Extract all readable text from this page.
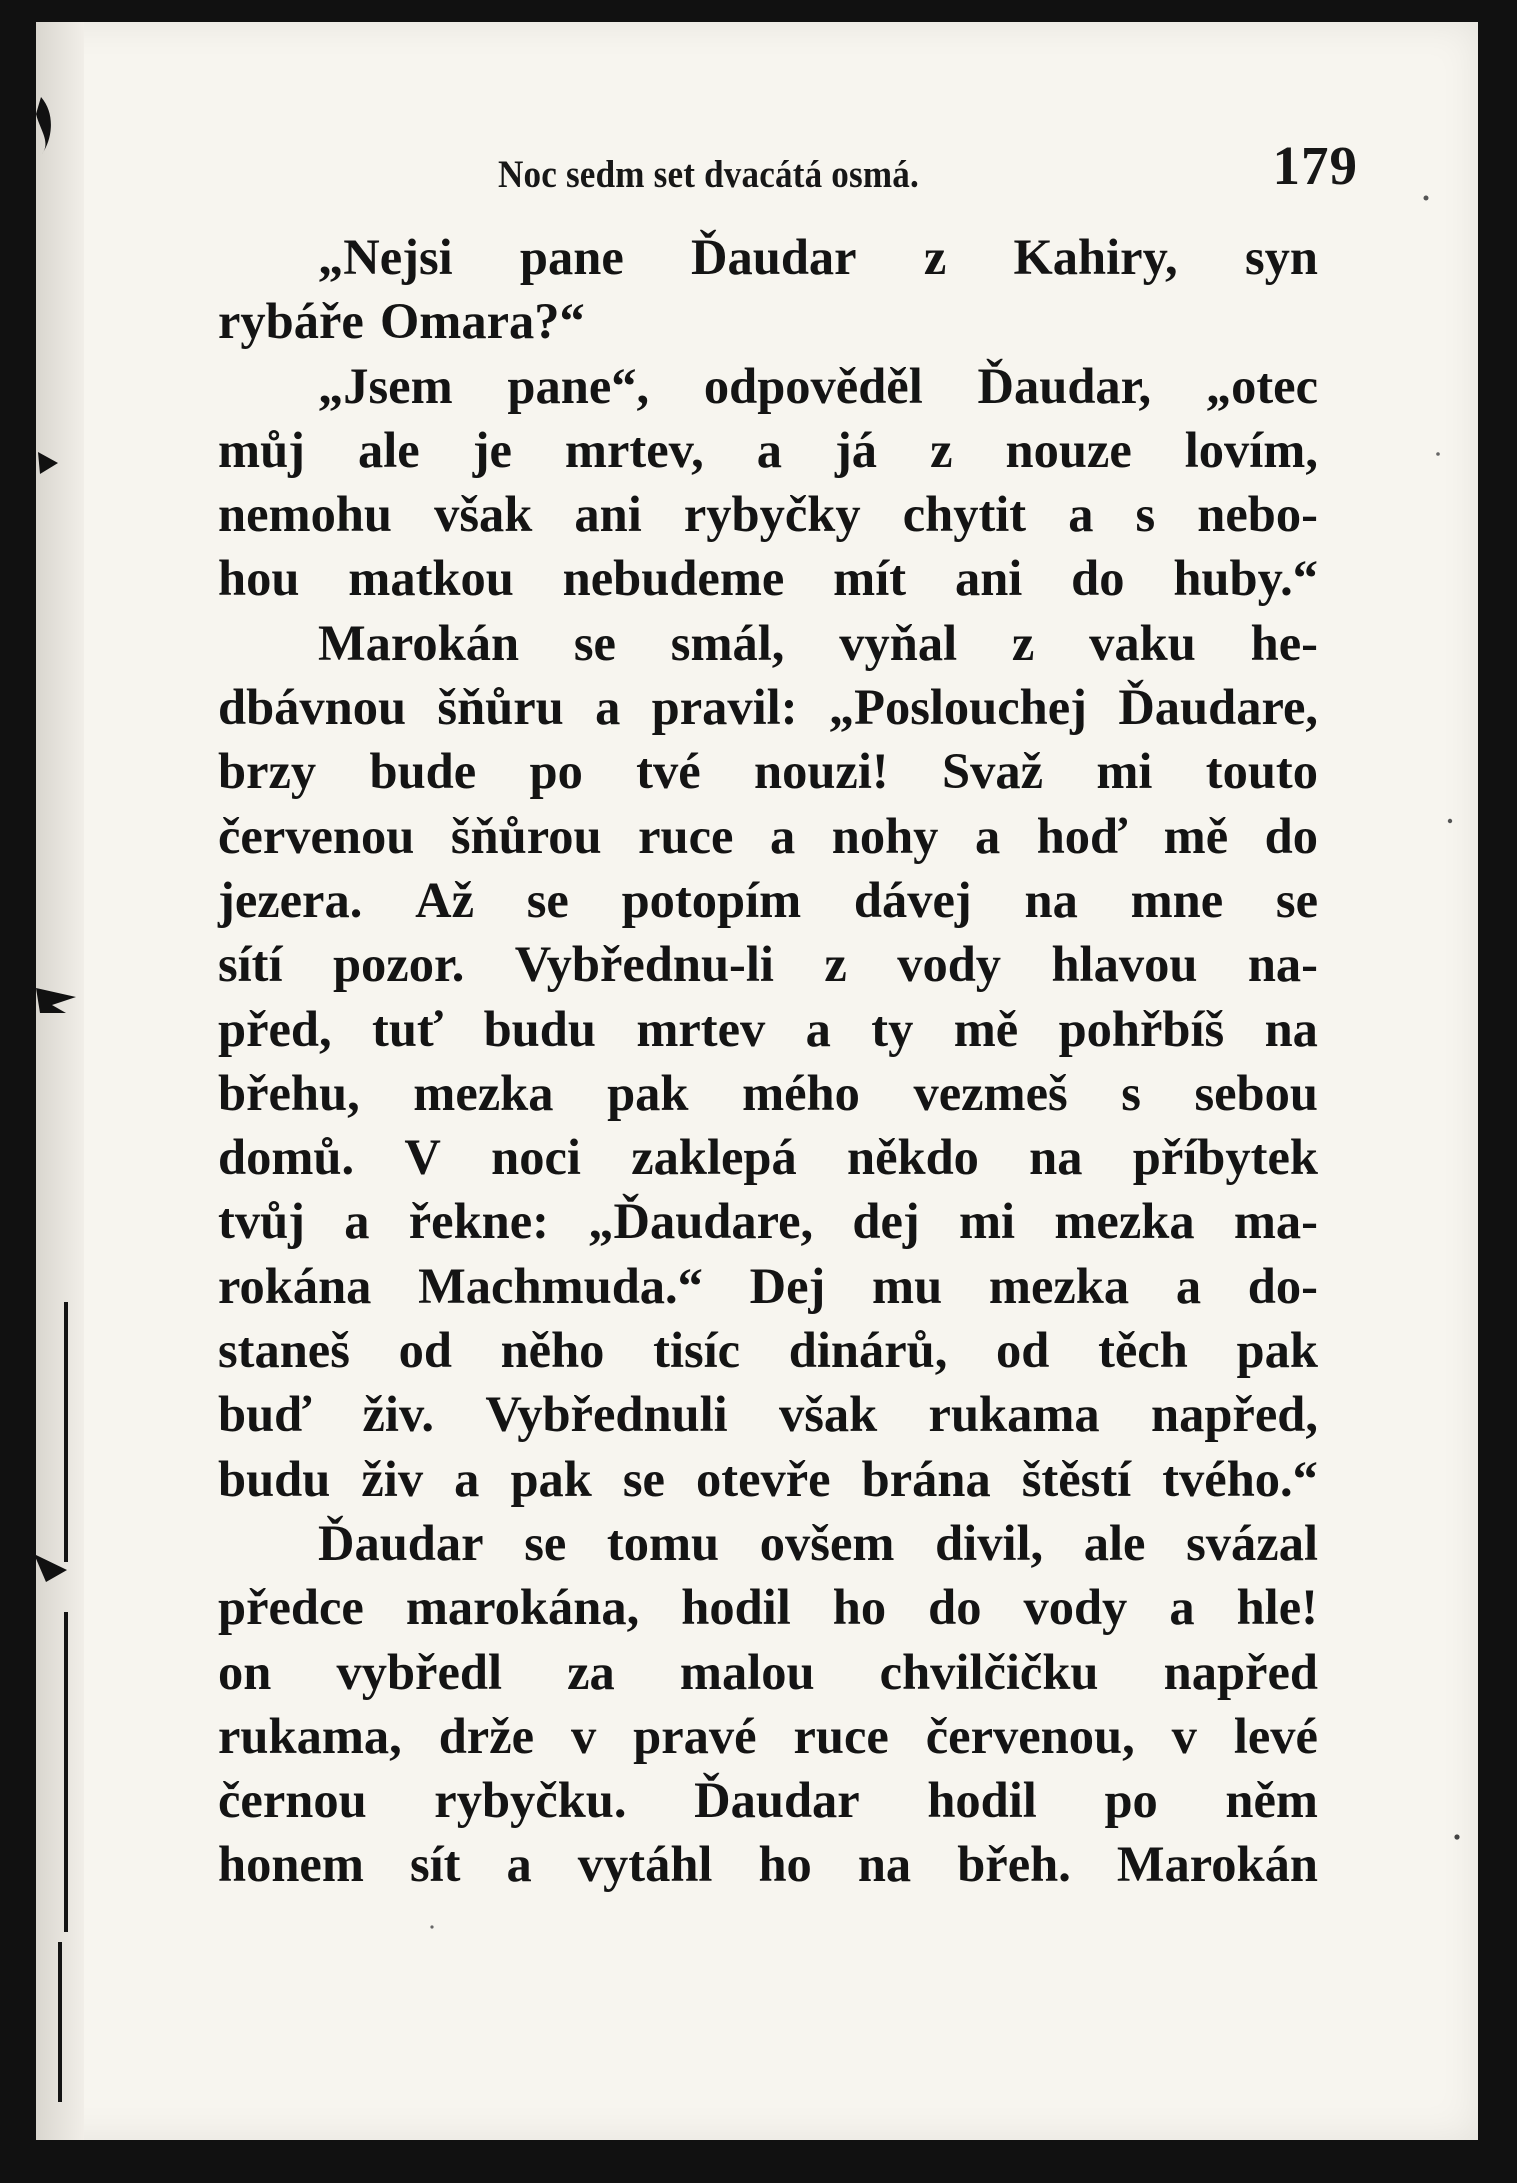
Noc sedm set dvacátá osmá.	179
„Nejsi pane Ďaudar z Kahiry, syn
rybáře Omara?“
„Jsem pane“, odpověděl Ďaudar, „otec
můj ale je mrtev, a já z nouze lovím,
nemohu však ani rybyčky chytit a s nebo-
hou matkou nebudeme mít ani do huby.“
Marokán se smál, vyňal z vaku he-
dbávnou šňůru a pravil: „Poslouchej Ďaudare,
brzy bude po tvé nouzi! Svaž mi touto
červenou šňůrou ruce a nohy a hoď mě do
jezera. Až se potopím dávej na mne se
sítí pozor. Vybřednu-li z vody hlavou na-
před, tuť budu mrtev a ty mě pohřbíš na
břehu, mezka pak mého vezmeš s sebou
domů. V noci zaklepá někdo na příbytek
tvůj a řekne: „Ďaudare, dej mi mezka ma-
rokána Machmuda.“ Dej mu mezka a do-
staneš od něho tisíc dinárů, od těch pak
buď živ. Vybřednuli však rukama napřed,
budu živ a pak se otevře brána štěstí tvého.“
Ďaudar se tomu ovšem divil, ale svázal
předce marokána, hodil ho do vody a hle!
on vybředl za malou chvilčičku napřed
rukama, drže v pravé ruce červenou, v levé
černou rybyčku. Ďaudar hodil po něm
honem sít a vytáhl ho na břeh. Marokán
